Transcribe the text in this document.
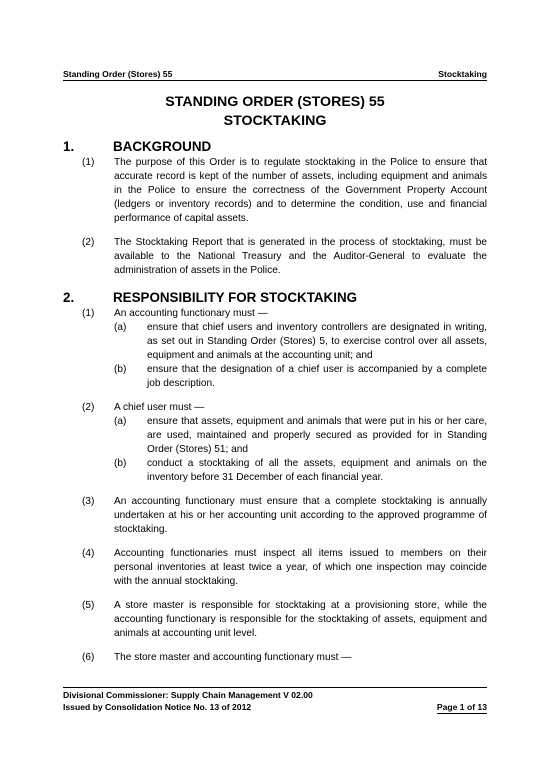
Standing Order (Stores) 55	Stocktaking
STANDING ORDER (STORES) 55
STOCKTAKING
1.	BACKGROUND
(1)	The purpose of this Order is to regulate stocktaking in the Police to ensure that accurate record is kept of the number of assets, including equipment and animals in the Police to ensure the correctness of the Government Property Account (ledgers or inventory records) and to determine the condition, use and financial performance of capital assets.
(2)	The Stocktaking Report that is generated in the process of stocktaking, must be available to the National Treasury and the Auditor-General to evaluate the administration of assets in the Police.
2.	RESPONSIBILITY FOR STOCKTAKING
(1)	An accounting functionary must —
(a)	ensure that chief users and inventory controllers are designated in writing, as set out in Standing Order (Stores) 5, to exercise control over all assets, equipment and animals at the accounting unit; and
(b)	ensure that the designation of a chief user is accompanied by a complete job description.
(2)	A chief user must —
(a)	ensure that assets, equipment and animals that were put in his or her care, are used, maintained and properly secured as provided for in Standing Order (Stores) 51; and
(b)	conduct a stocktaking of all the assets, equipment and animals on the inventory before 31 December of each financial year.
(3)	An accounting functionary must ensure that a complete stocktaking is annually undertaken at his or her accounting unit according to the approved programme of stocktaking.
(4)	Accounting functionaries must inspect all items issued to members on their personal inventories at least twice a year, of which one inspection may coincide with the annual stocktaking.
(5)	A store master is responsible for stocktaking at a provisioning store, while the accounting functionary is responsible for the stocktaking of assets, equipment and animals at accounting unit level.
(6)	The store master and accounting functionary must —
Divisional Commissioner: Supply Chain Management V 02.00
Issued by Consolidation Notice No. 13 of 2012	Page 1 of 13
